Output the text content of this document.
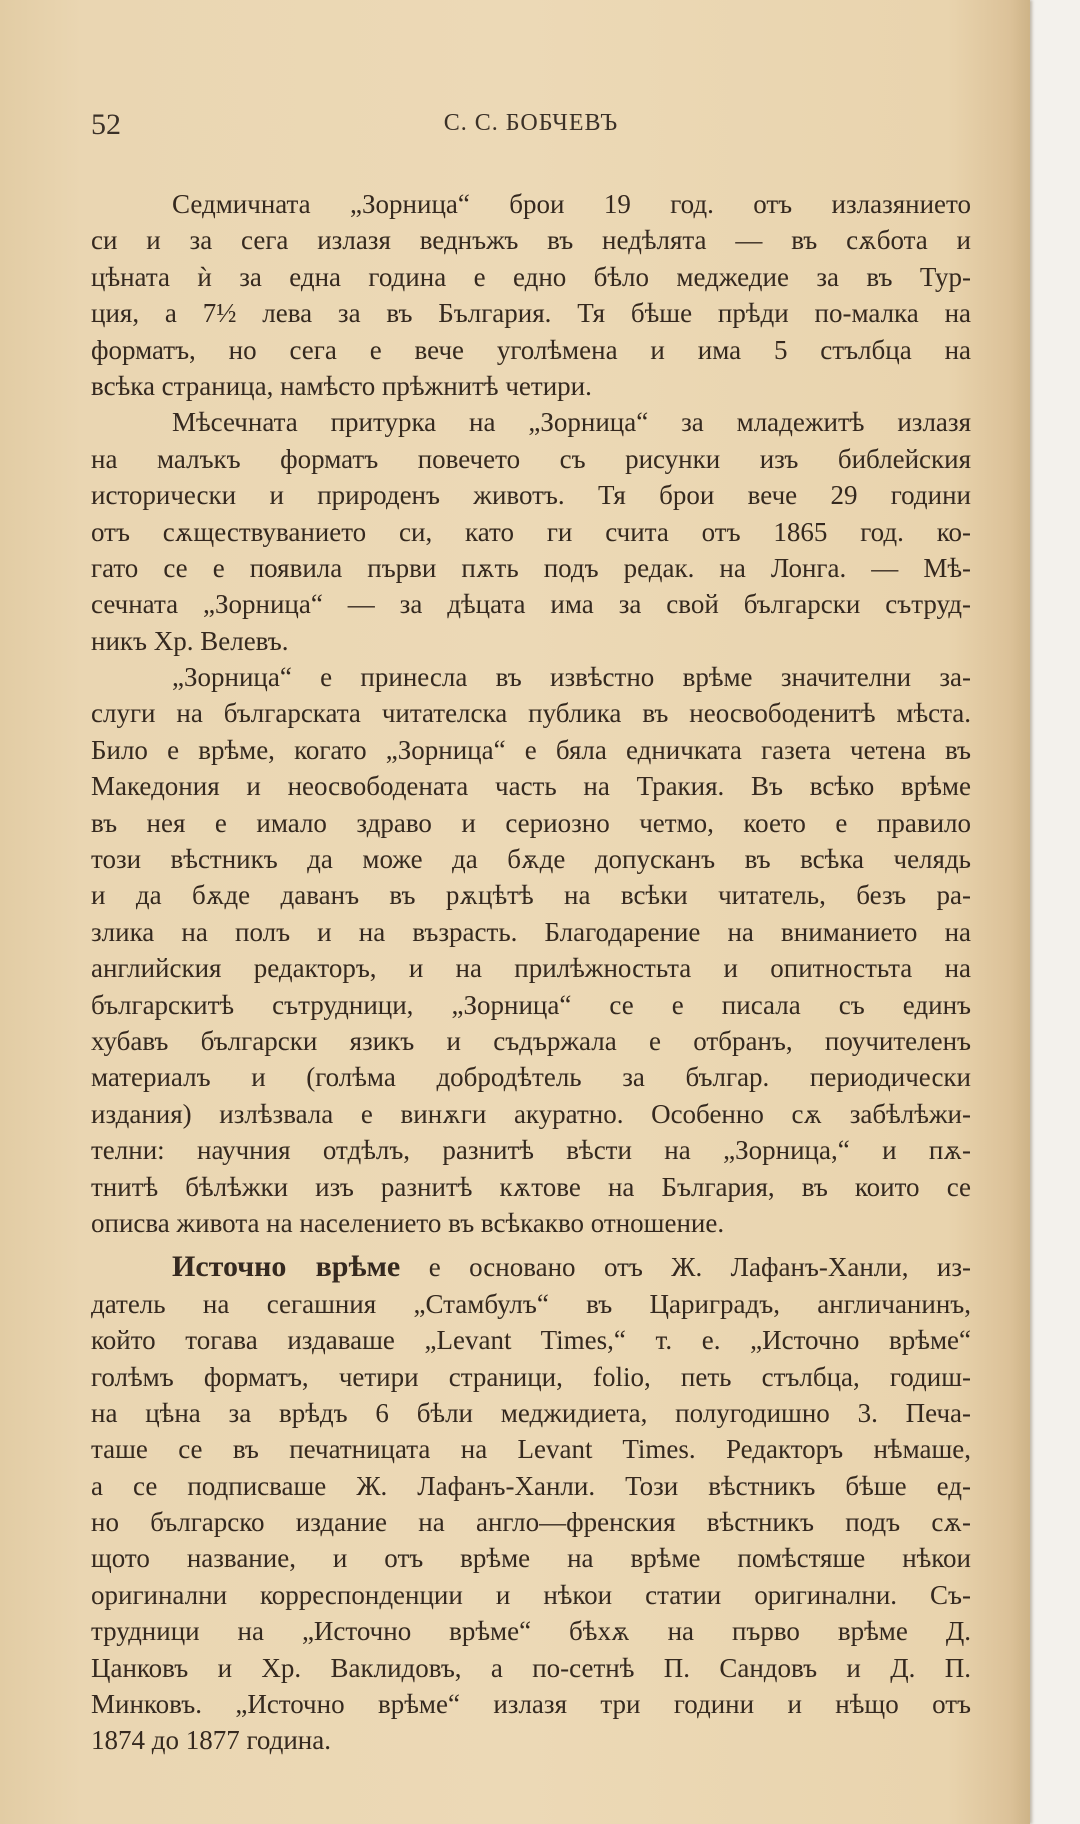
52	С. С. БОБЧЕВЪ
Седмичната „Зорница“ брои 19 год. отъ излазянието
си и за сега излазя веднъжъ въ недѣлята — въ сѫбота и
цѣната ѝ за една година е едно бѣло меджедие за въ Тур-
ция, а 7½ лева за въ България. Тя бѣше прѣди по-малка на
форматъ, но сега е вече уголѣмена и има 5 стълбца на
всѣка страница, намѣсто прѣжнитѣ четири.
Мѣсечната притурка на „Зорница“ за младежитѣ излазя
на малъкъ форматъ повечето съ рисунки изъ библейския
исторически и природенъ животъ. Тя брои вече 29 години
отъ сѫществуванието си, като ги счита отъ 1865 год. ко-
гато се е появила първи пѫть подъ редак. на Лонга. — Мѣ-
сечната „Зорница“ — за дѣцата има за свой български сътруд-
никъ Хр. Велевъ.
„Зорница“ е принесла въ извѣстно врѣме значителни за-
слуги на българската читателска публика въ неосвободенитѣ мѣста.
Било е врѣме, когато „Зорница“ е бяла едничката газета четена въ
Македония и неосвободената часть на Тракия. Въ всѣко врѣме
въ нея е имало здраво и сериозно четмо, което е правило
този вѣстникъ да може да бѫде допусканъ въ всѣка челядь
и да бѫде даванъ въ рѫцѣтѣ на всѣки читатель, безъ ра-
злика на полъ и на възрасть. Благодарение на вниманието на
английския редакторъ, и на прилѣжностьта и опитностьта на
българскитѣ сътрудници, „Зорница“ се е писала съ единъ
хубавъ български язикъ и съдържала е отбранъ, поучителенъ
материалъ и (голѣма добродѣтель за българ. периодически
издания) излѣзвала е винѫги акуратно. Особенно сѫ забѣлѣжи-
телни: научния отдѣлъ, разнитѣ вѣсти на „Зорница,“ и пѫ-
тнитѣ бѣлѣжки изъ разнитѣ кѫтове на България, въ които се
описва живота на населението въ всѣкакво отношение.
Источно врѣме е основано отъ Ж. Лафанъ-Ханли, из-
датель на сегашния „Стамбулъ“ въ Цариградъ, англичанинъ,
който тогава издаваше „Levant Times,“ т. е. „Источно врѣме“
голѣмъ форматъ, четири страници, folio, петь стълбца, годиш-
на цѣна за врѣдъ 6 бѣли меджидиета, полугодишно 3. Печа-
таше се въ печатницата на Levant Times. Редакторъ нѣмаше,
а се подписваше Ж. Лафанъ-Ханли. Този вѣстникъ бѣше ед-
но българско издание на англо—френския вѣстникъ подъ сѫ-
щото название, и отъ врѣме на врѣме помѣстяше нѣкои
оригинални корреспонденции и нѣкои статии оригинални. Съ-
трудници на „Источно врѣме“ бѣхѫ на първо врѣме Д.
Цанковъ и Хр. Ваклидовъ, а по-сетнѣ П. Сандовъ и Д. П.
Минковъ. „Источно врѣме“ излазя три години и нѣщо отъ
1874 до 1877 година.
